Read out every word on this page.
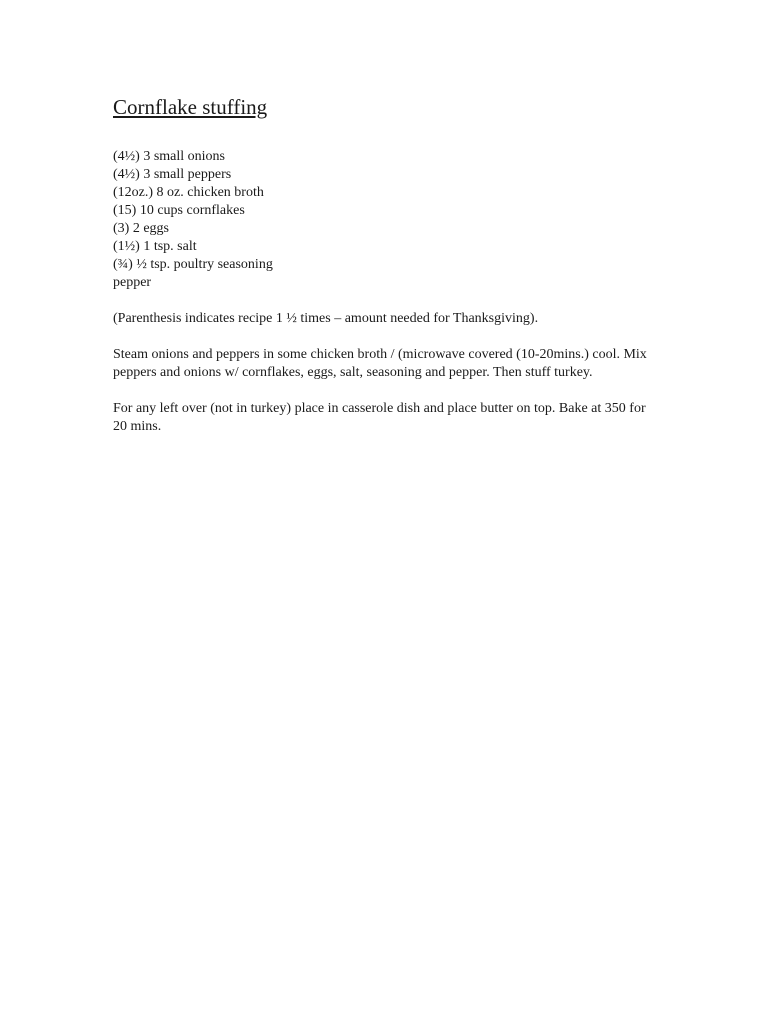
Cornflake stuffing
(4½) 3 small onions
(4½) 3 small peppers
(12oz.) 8 oz. chicken broth
(15) 10 cups cornflakes
(3) 2 eggs
(1½) 1 tsp. salt
(¾) ½ tsp. poultry seasoning
pepper

(Parenthesis indicates recipe 1 ½ times – amount needed for Thanksgiving).

Steam onions and peppers in some chicken broth / (microwave covered (10-20mins.) cool. Mix peppers and onions w/ cornflakes, eggs, salt, seasoning and pepper. Then stuff turkey.

For any left over (not in turkey) place in casserole dish and place butter on top. Bake at 350 for 20 mins.
